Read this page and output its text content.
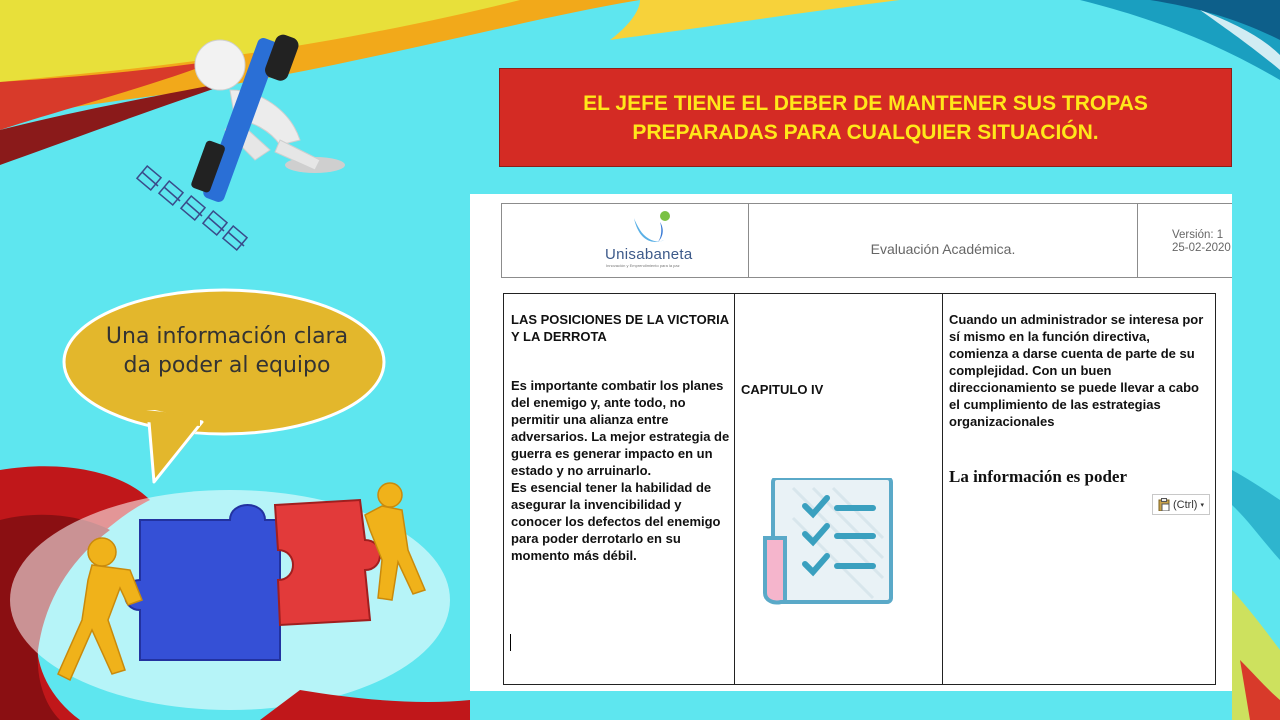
EL JEFE TIENE EL DEBER DE MANTENER SUS TROPAS PREPARADAS PARA CUALQUIER SITUACIÓN.
Una información clara da poder al equipo
Unisabaneta
Innovación y Emprendimiento para la paz
Evaluación Académica.
Versión: 1
25-02-2020

LAS POSICIONES DE LA VICTORIA Y LA DERROTA

Es importante combatir los planes del enemigo y, ante todo, no permitir una alianza entre adversarios. La mejor estrategia de guerra es generar impacto en un estado y no arruinarlo.

Es esencial tener la habilidad de asegurar la invencibilidad y conocer los defectos del enemigo para poder derrotarlo en su momento más débil.

CAPITULO IV

Cuando un administrador se interesa por sí mismo en la función directiva, comienza a darse cuenta de parte de su complejidad. Con un buen direccionamiento se puede llevar a cabo el cumplimiento de las estrategias organizacionales

La información es poder

(Ctrl) ▾
